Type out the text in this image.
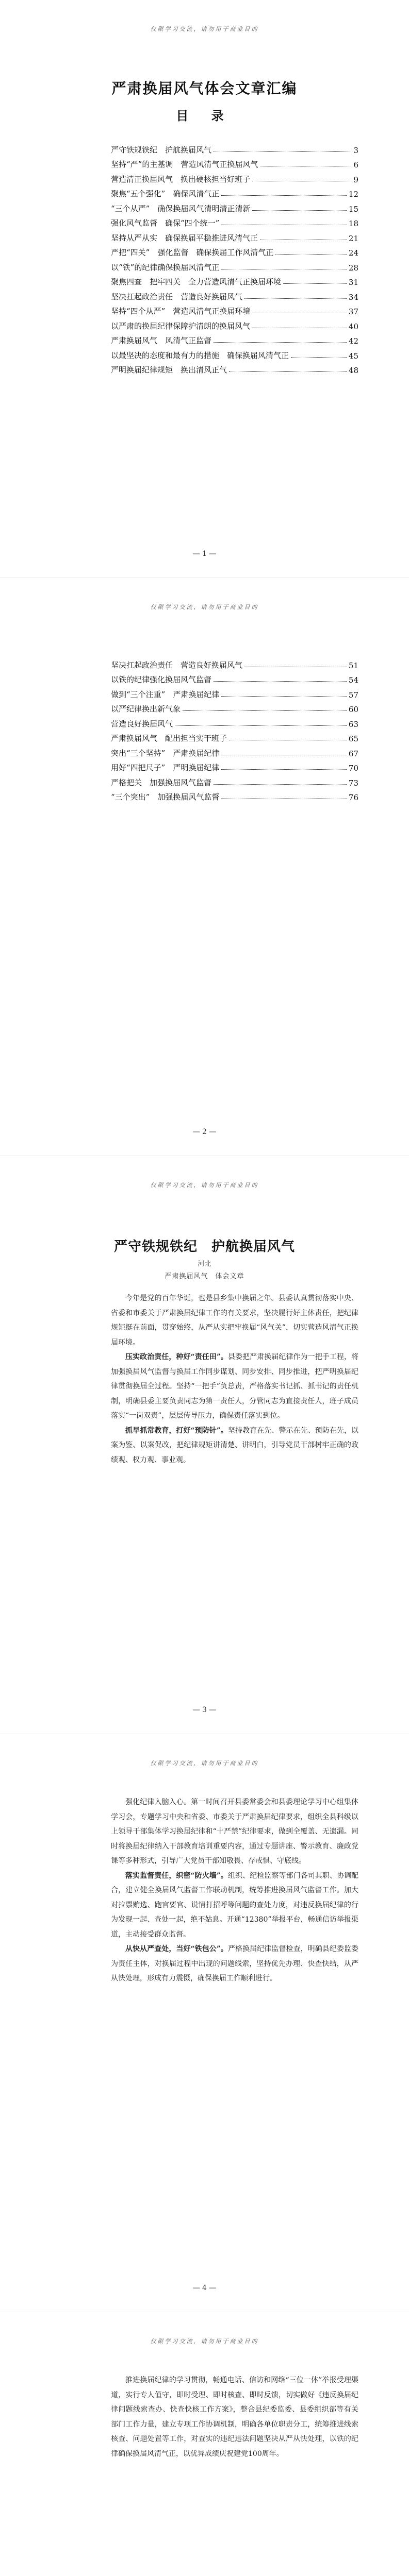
仅限学习交流，请勿用于商业目的
严肃换届风气体会文章汇编
目 录
严守铁规铁纪　护航换届风气	3
坚持“严”的主基调　营造风清气正换届风气	6
营造清正换届风气　换出硬核担当好班子	9
聚焦“五个强化”　确保风清气正	12
“三个从严”　确保换届风气清明清正清新	15
强化风气监督　确保“四个统一”	18
坚持从严从实　确保换届平稳推进风清气正	21
严把“四关”　强化监督　确保换届工作风清气正	24
以“铁”的纪律确保换届风清气正	28
聚焦四查　把牢四关　全力营造风清气正换届环境	31
坚决扛起政治责任　营造良好换届风气	34
坚持“四个从严”　营造风清气正换届环境	37
以严肃的换届纪律保障护清朗的换届风气	40
严肃换届风气　风清气正监督	42
以最坚决的态度和最有力的措施　确保换届风清气正	45
严明换届纪律规矩　换出清风正气	48
— 1 —
仅限学习交流，请勿用于商业目的
坚决扛起政治责任　营造良好换届风气	51
以铁的纪律强化换届风气监督	54
做到“三个注重”　严肃换届纪律	57
以严纪律换出新气象	60
营造良好换届风气	63
严肃换届风气　配出担当实干班子	65
突出“三个坚持”　严肃换届纪律	67
用好“四把尺子”　严明换届纪律	70
严格把关　加强换届风气监督	73
“三个突出”　加强换届风气监督	76
— 2 —
仅限学习交流，请勿用于商业目的
严守铁规铁纪　护航换届风气
河北
严肃换届风气　体会文章

今年是党的百年华诞，也是县乡集中换届之年。县委认真贯彻落实中央、省委和市委关于严肃换届纪律工作的有关要求，坚决履行好主体责任，把纪律规矩挺在前面，贯穿始终，从严从实把牢换届“风气关”，切实营造风清气正换届环境。

压实政治责任，种好“责任田”。县委把严肃换届纪律作为一把手工程，将加强换届风气监督与换届工作同步谋划、同步安排、同步推进，把严明换届纪律贯彻换届全过程。坚持“一把手”负总责，严格落实书记抓、抓书记的责任机制，明确县委主要负责同志为第一责任人，分管同志为直接责任人，班子成员落实“一岗双责”，层层传导压力，确保责任落实到位。

抓早抓常教育，打好“预防针”。坚持教育在先、警示在先、预防在先，以案为鉴、以案促改，把纪律规矩讲清楚、讲明白，引导党员干部树牢正确的政绩观、权力观、事业观。

— 3 —
仅限学习交流，请勿用于商业目的

强化纪律入脑入心。第一时间召开县委常委会和县委理论学习中心组集体学习会，专题学习中央和省委、市委关于严肃换届纪律要求，组织全县科级以上领导干部集体学习换届纪律和“十严禁”纪律要求，做到全覆盖、无遗漏。同时将换届纪律纳入干部教育培训重要内容，通过专题讲座、警示教育、廉政党课等多种形式，引导广大党员干部知敬畏、存戒惧、守底线。

落实监督责任，织密“防火墙”。组织、纪检监察等部门各司其职、协调配合，建立健全换届风气监督工作联动机制，统筹推进换届风气监督工作。加大对拉票贿选、跑官要官、说情打招呼等问题的查处力度，对违反换届纪律的行为发现一起、查处一起，绝不姑息。开通“12380”举报平台，畅通信访举报渠道，主动接受群众监督。

从快从严查处，当好“铁包公”。严格换届纪律监督检查，明确县纪委监委为责任主体，对换届过程中出现的问题线索，坚持优先办理、快查快结，从严从快处理，形成有力震慑，确保换届工作顺利进行。

— 4 —
仅限学习交流，请勿用于商业目的

推进换届纪律的学习贯彻，畅通电话、信访和网络“三位一体”举报受理渠道，实行专人值守，即时受理、即时核查、即时反馈，切实做好《违反换届纪律问题线索查办、快查快核工作方案》，整合县纪委监委、县委组织部等有关部门工作力量，建立专项工作协调机制，明确各单位职责分工，统筹推进线索核查、问题处置等工作，对查实的违纪违法问题坚决从严从快处理，以铁的纪律确保换届风清气正，以优异成绩庆祝建党100周年。
